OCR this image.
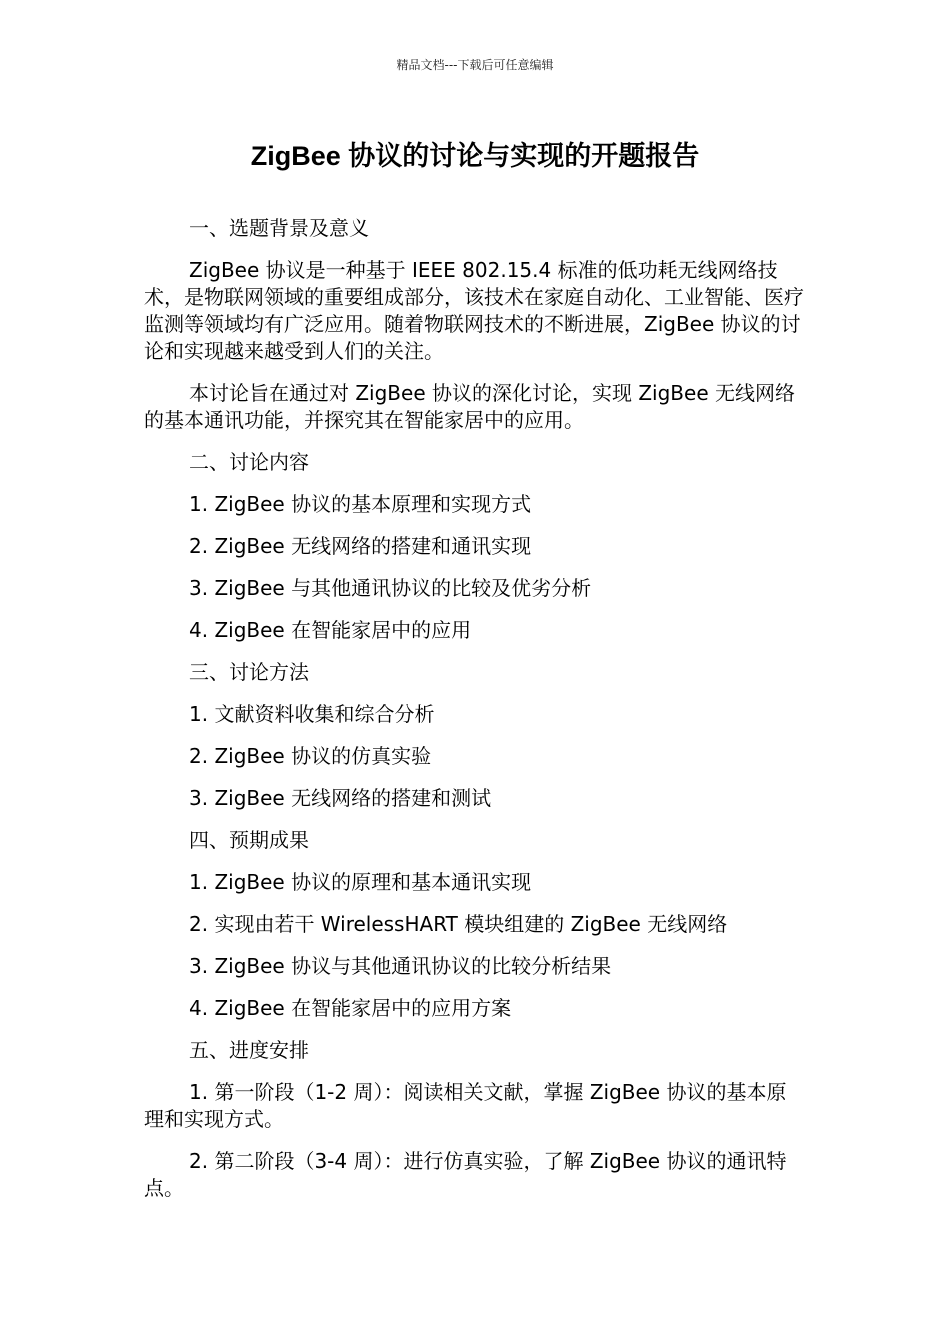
精品文档---下载后可任意编辑
ZigBee 协议的讨论与实现的开题报告

一、选题背景及意义

ZigBee 协议是一种基于 IEEE 802.15.4 标准的低功耗无线网络技术，是物联网领域的重要组成部分，该技术在家庭自动化、工业智能、医疗监测等领域均有广泛应用。随着物联网技术的不断进展，ZigBee 协议的讨论和实现越来越受到人们的关注。

本讨论旨在通过对 ZigBee 协议的深化讨论，实现 ZigBee 无线网络的基本通讯功能，并探究其在智能家居中的应用。

二、讨论内容

1. ZigBee 协议的基本原理和实现方式

2. ZigBee 无线网络的搭建和通讯实现

3. ZigBee 与其他通讯协议的比较及优劣分析

4. ZigBee 在智能家居中的应用

三、讨论方法

1. 文献资料收集和综合分析

2. ZigBee 协议的仿真实验

3. ZigBee 无线网络的搭建和测试

四、预期成果

1. ZigBee 协议的原理和基本通讯实现

2. 实现由若干 WirelessHART 模块组建的 ZigBee 无线网络

3. ZigBee 协议与其他通讯协议的比较分析结果

4. ZigBee 在智能家居中的应用方案

五、进度安排

1. 第一阶段（1-2 周）：阅读相关文献，掌握 ZigBee 协议的基本原理和实现方式。

2. 第二阶段（3-4 周）：进行仿真实验，了解 ZigBee 协议的通讯特点。
